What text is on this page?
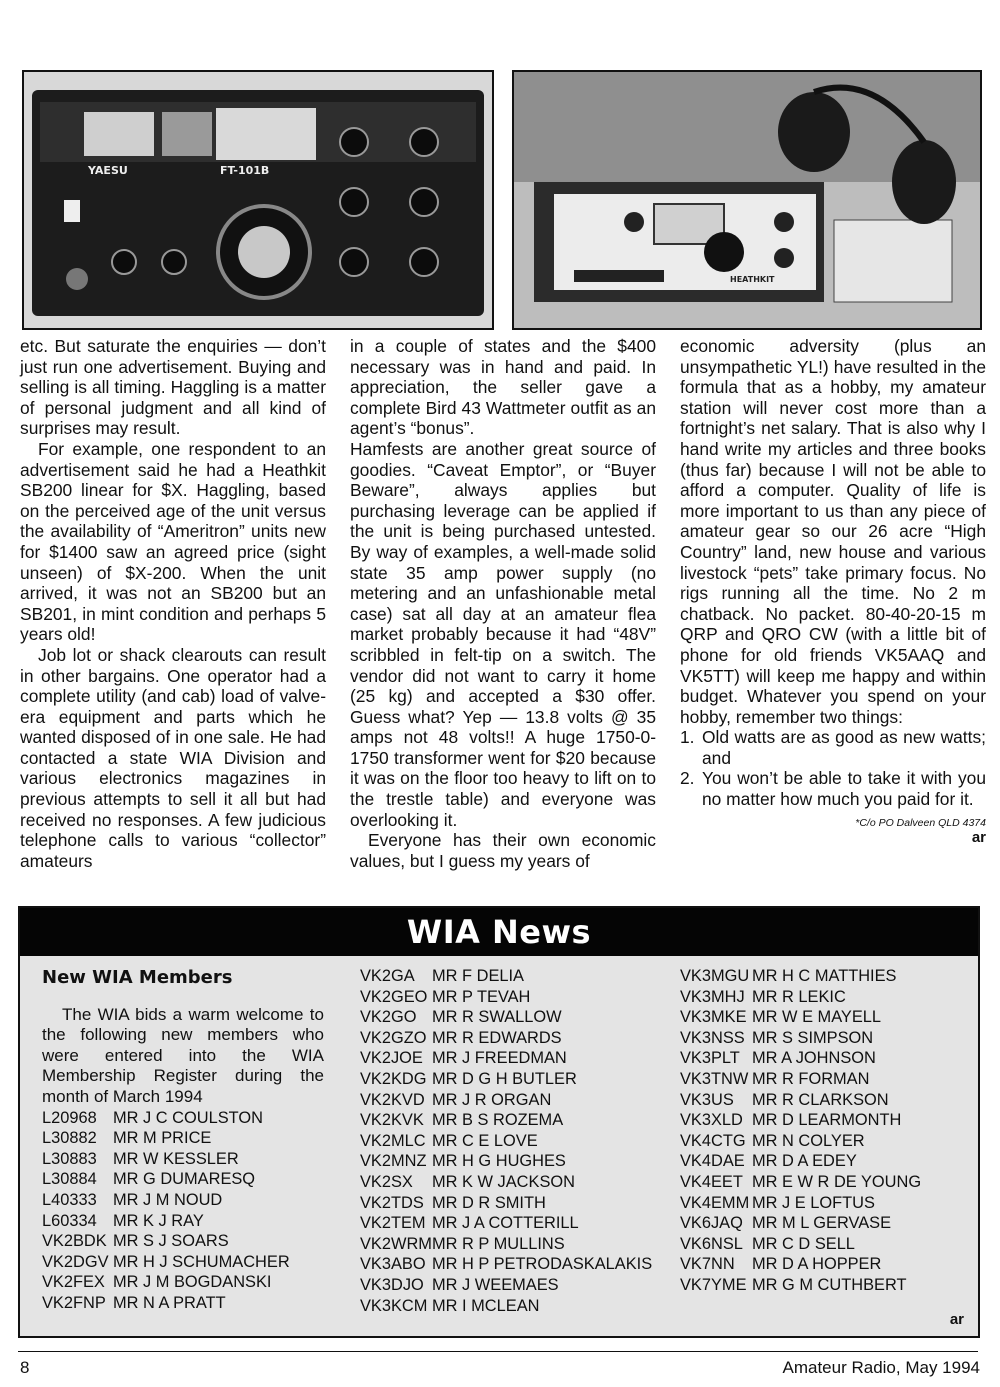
YAESU	FT-101B
HEATHKIT

etc. But saturate the enquiries — don’t just run one advertisement. Buying and selling is all timing. Haggling is a matter of personal judgment and all kind of surprises may result.

For example, one respondent to an advertisement said he had a Heathkit SB200 linear for $X. Haggling, based on the perceived age of the unit versus the availability of “Ameritron” units new for $1400 saw an agreed price (sight unseen) of $X-200. When the unit arrived, it was not an SB200 but an SB201, in mint condition and perhaps 5 years old!

Job lot or shack clearouts can result in other bargains. One operator had a complete utility (and cab) load of valve-era equipment and parts which he wanted disposed of in one sale. He had contacted a state WIA Division and various electronics magazines in previous attempts to sell it all but had received no responses. A few judicious telephone calls to various “collector” amateurs

in a couple of states and the $400 necessary was in hand and paid. In appreciation, the seller gave a complete Bird 43 Wattmeter outfit as an agent’s “bonus”.

Hamfests are another great source of goodies. “Caveat Emptor”, or “Buyer Beware”, always applies but purchasing leverage can be applied if the unit is being purchased untested. By way of examples, a well-made solid state 35 amp power supply (no metering and an unfashionable metal case) sat all day at an amateur flea market probably because it had “48V” scribbled in felt-tip on a switch. The vendor did not want to carry it home (25 kg) and accepted a $30 offer. Guess what? Yep — 13.8 volts @ 35 amps not 48 volts!! A huge 1750-0-1750 transformer went for $20 because it was on the floor too heavy to lift on to the trestle table) and everyone was overlooking it.

Everyone has their own economic values, but I guess my years of

economic adversity (plus an unsympathetic YL!) have resulted in the formula that as a hobby, my amateur station will never cost more than a fortnight’s net salary. That is also why I hand write my articles and three books (thus far) because I will not be able to afford a computer. Quality of life is more important to us than any piece of amateur gear so our 26 acre “High Country” land, new house and various livestock “pets” take primary focus. No rigs running all the time. No 2 m chatback. No packet. 80-40-20-15 m QRP and QRO CW (with a little bit of phone for old friends VK5AAQ and VK5TT) will keep me happy and within budget. Whatever you spend on your hobby, remember two things:

1. Old watts are as good as new watts; and
2. You won’t be able to take it with you no matter how much you paid for it.
*C/o PO Dalveen QLD 4374
ar
WIA News
New WIA Members

The WIA bids a warm welcome to the following new members who were entered into the WIA Membership Register during the month of March 1994

L20968 MR J C COULSTON
L30882 MR M PRICE
L30883 MR W KESSLER
L30884 MR G DUMARESQ
L40333 MR J M NOUD
L60334 MR K J RAY
VK2BDK MR S J SOARS
VK2DGV MR H J SCHUMACHER
VK2FEX MR J M BOGDANSKI
VK2FNP MR N A PRATT
VK2GA	MR F DELIA
VK2GEO MR P TEVAH
VK2GO MR R SWALLOW
VK2GZO MR R EDWARDS
VK2JOE MR J FREEDMAN
VK2KDG MR D G H BUTLER
VK2KVD MR J R ORGAN
VK2KVK MR B S ROZEMA
VK2MLC MR C E LOVE
VK2MNZ MR H G HUGHES
VK2SX	MR K W JACKSON
VK2TDS MR D R SMITH
VK2TEM MR J A COTTERILL
VK2WRM MR R P MULLINS
VK3ABO MR H P PETRODASKALAKIS
VK3DJO MR J WEEMAES
VK3KCM MR I MCLEAN
VK3MGU MR H C MATTHIES
VK3MHJ MR R LEKIC
VK3MKE MR W E MAYELL
VK3NSS MR S SIMPSON
VK3PLT MR A JOHNSON
VK3TNW MR R FORMAN
VK3US	MR R CLARKSON
VK3XLD MR D LEARMONTH
VK4CTG MR N COLYER
VK4DAE MR D A EDEY
VK4EET MR E W R DE YOUNG
VK4EMM MR J E LOFTUS
VK6JAQ MR M L GERVASE
VK6NSL MR C D SELL
VK7NN	MR D A HOPPER
VK7YME MR G M CUTHBERT
ar
8	Amateur Radio, May 1994
